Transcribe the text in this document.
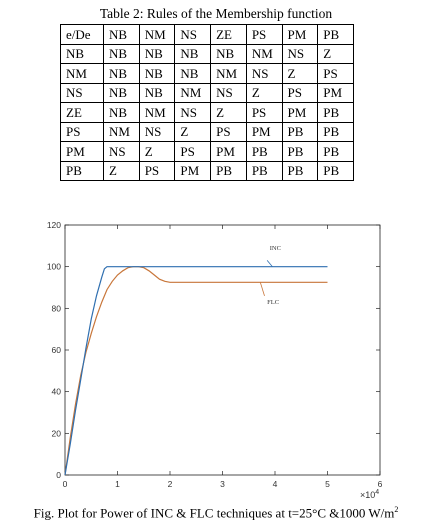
Table 2: Rules of the Membership function
e/De	NB	NM	NS	ZE	PS	PM	PB
NB	NB	NB	NB	NB	NM	NS	Z
NM	NB	NB	NB	NM	NS	Z	PS
NS	NB	NB	NM	NS	Z	PS	PM
ZE	NB	NM	NS	Z	PS	PM	PB
PS	NM	NS	Z	PS	PM	PB	PB
PM	NS	Z	PS	PM	PB	PB	PB
PB	Z	PS	PM	PB	PB	PB	PB
0
20
40
60
80
100
120
0	1	2	3	4	5	6
INC
FLC
$\times 10^4$
Fig. Plot for Power of INC & FLC techniques at t=25°C &1000 $W/m^2$
